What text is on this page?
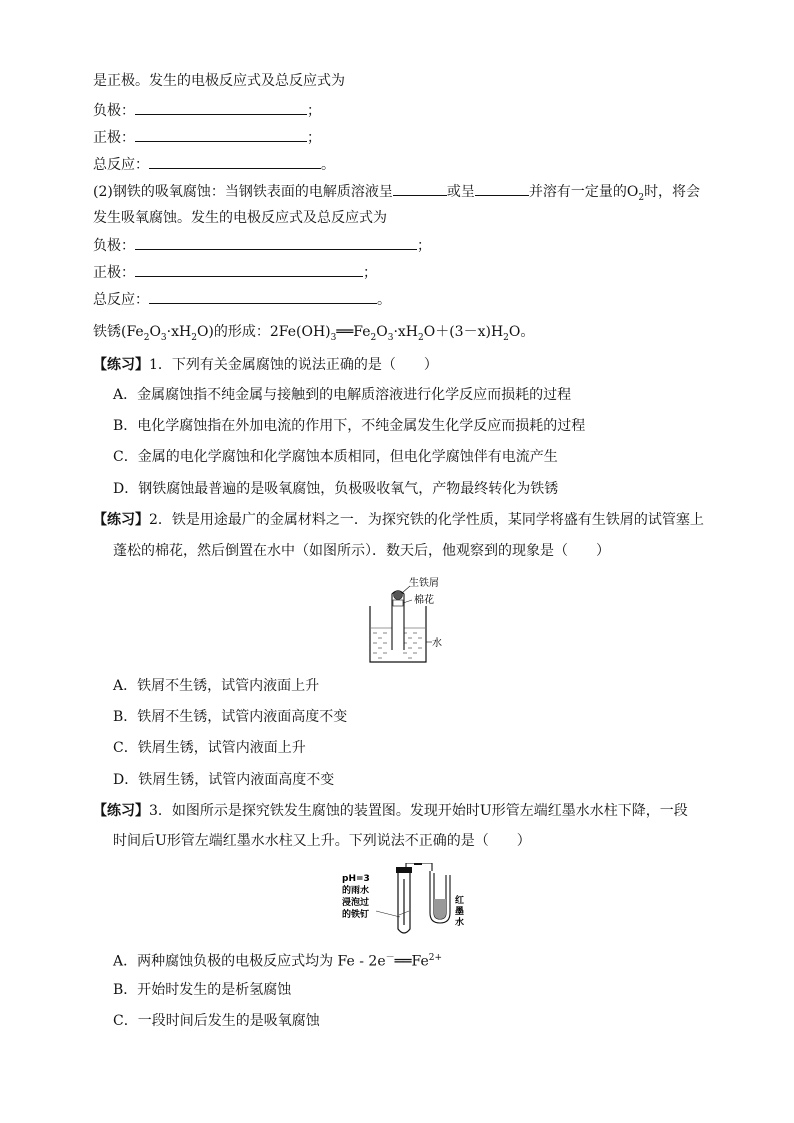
是正极。发生的电极反应式及总反应式为
负极：	；
正极：	；
总反应：	。
(2)钢铁的吸氧腐蚀：当钢铁表面的电解质溶液呈	或呈	并溶有一定量的$O_2$时，将会
发生吸氧腐蚀。发生的电极反应式及总反应式为
负极：	；
正极：	；
总反应：	。
铁锈$(Fe_2O_3\cdot xH_2O)$的形成：$2Fe(OH)_3══Fe_2O_3\cdot xH_2O+(3-x)H_2O$。
【练习】1．下列有关金属腐蚀的说法正确的是（　　）
A．金属腐蚀指不纯金属与接触到的电解质溶液进行化学反应而损耗的过程
B．电化学腐蚀指在外加电流的作用下，不纯金属发生化学反应而损耗的过程
C．金属的电化学腐蚀和化学腐蚀本质相同，但电化学腐蚀伴有电流产生
D．钢铁腐蚀最普遍的是吸氧腐蚀，负极吸收氧气，产物最终转化为铁锈
【练习】2．铁是用途最广的金属材料之一．为探究铁的化学性质，某同学将盛有生铁屑的试管塞上
蓬松的棉花，然后倒置在水中（如图所示）．数天后，他观察到的现象是（　　）
生铁屑
棉花
水
A．铁屑不生锈，试管内液面上升
B．铁屑不生锈，试管内液面高度不变
C．铁屑生锈，试管内液面上升
D．铁屑生锈，试管内液面高度不变
【练习】3．如图所示是探究铁发生腐蚀的装置图。发现开始时U形管左端红墨水水柱下降，一段
时间后U形管左端红墨水水柱又上升。下列说法不正确的是（　　）
pH=3
的雨水
浸泡过
的铁钉
红
墨
水
A．两种腐蚀负极的电极反应式均为 Fe - $2e^-══Fe^{2+}$
B．开始时发生的是析氢腐蚀
C．一段时间后发生的是吸氧腐蚀
